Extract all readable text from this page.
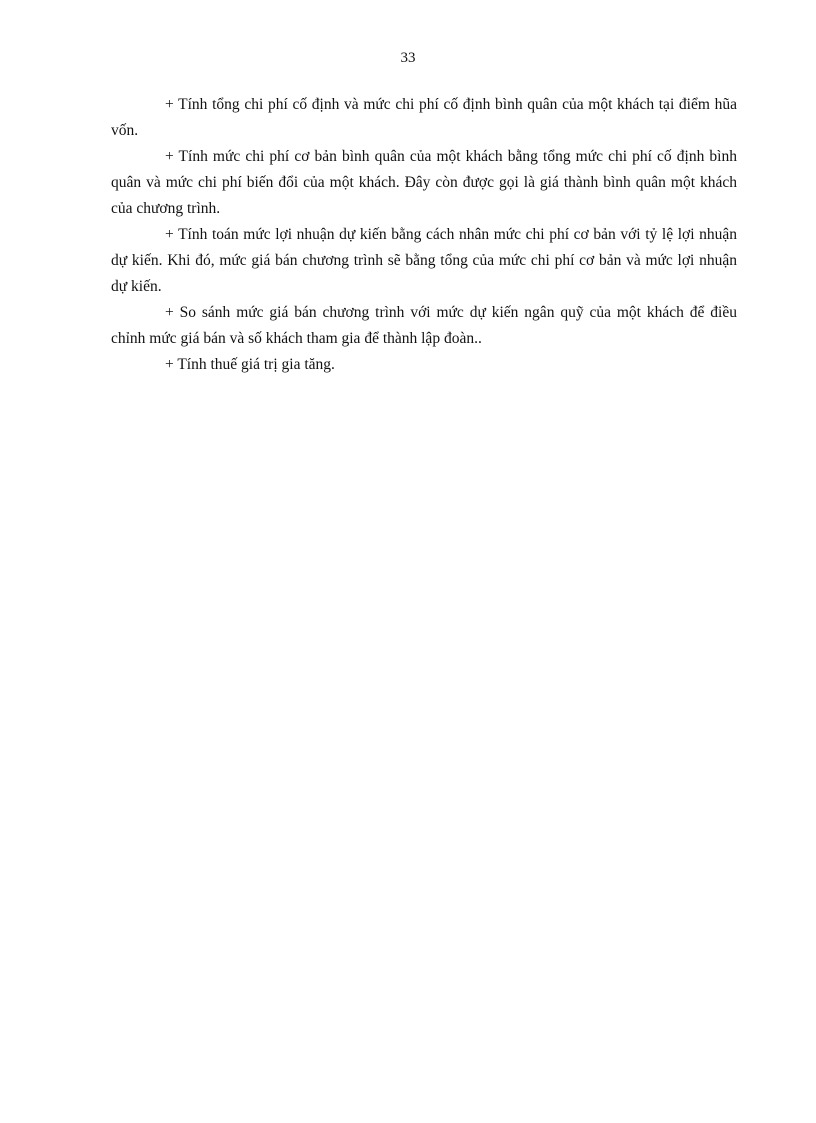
33

+ Tính tổng chi phí cố định và mức chi phí cố định bình quân của một khách tại điểm hũa vốn.

+ Tính mức chi phí cơ bản bình quân của một khách bằng tổng mức chi phí cố định bình quân và mức chi phí biến đổi của một khách. Đây còn được gọi là giá thành bình quân một khách của chương trình.

+ Tính toán mức lợi nhuận dự kiến bằng cách nhân mức chi phí cơ bản với tỷ lệ lợi nhuận dự kiến. Khi đó, mức giá bán chương trình sẽ bằng tổng của mức chi phí cơ bản và mức lợi nhuận dự kiến.

+ So sánh mức giá bán chương trình với mức dự kiến ngân quỹ của một khách để điều chỉnh mức giá bán và số khách tham gia để thành lập đoàn..

+ Tính thuế giá trị gia tăng.
